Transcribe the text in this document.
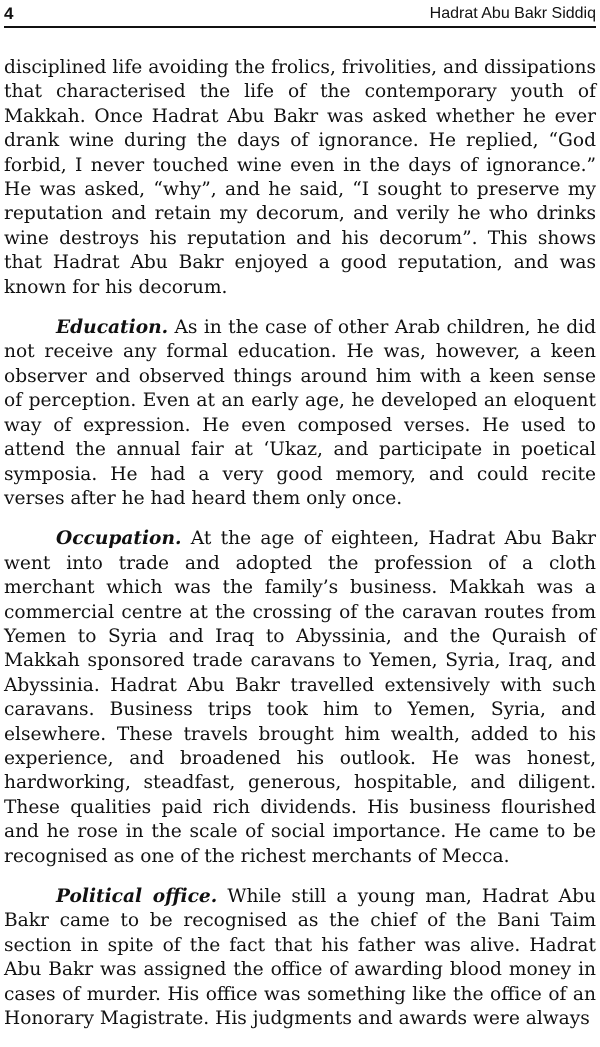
4	Hadrat Abu Bakr Siddiq

disciplined life avoiding the frolics, frivolities, and dissipations that characterised the life of the contemporary youth of Makkah. Once Hadrat Abu Bakr was asked whether he ever drank wine during the days of ignorance. He replied, “God forbid, I never touched wine even in the days of ignorance.” He was asked, “why”, and he said, “I sought to preserve my reputation and retain my decorum, and verily he who drinks wine destroys his reputation and his decorum”. This shows that Hadrat Abu Bakr enjoyed a good reputation, and was known for his decorum.

Education. As in the case of other Arab children, he did not receive any formal education. He was, however, a keen observer and observed things around him with a keen sense of perception. Even at an early age, he developed an eloquent way of expression. He even composed verses. He used to attend the annual fair at ‘Ukaz, and participate in poetical symposia. He had a very good memory, and could recite verses after he had heard them only once.

Occupation. At the age of eighteen, Hadrat Abu Bakr went into trade and adopted the profession of a cloth merchant which was the family’s business. Makkah was a commercial centre at the crossing of the caravan routes from Yemen to Syria and Iraq to Abyssinia, and the Quraish of Makkah sponsored trade caravans to Yemen, Syria, Iraq, and Abyssinia. Hadrat Abu Bakr travelled extensively with such caravans. Business trips took him to Yemen, Syria, and elsewhere. These travels brought him wealth, added to his experience, and broadened his outlook. He was honest, hardworking, steadfast, generous, hospitable, and diligent. These qualities paid rich dividends. His business flourished and he rose in the scale of social importance. He came to be recognised as one of the richest merchants of Mecca.

Political office. While still a young man, Hadrat Abu Bakr came to be recognised as the chief of the Bani Taim section in spite of the fact that his father was alive. Hadrat Abu Bakr was assigned the office of awarding blood money in cases of murder. His office was something like the office of an Honorary Magistrate. His judgments and awards were always
